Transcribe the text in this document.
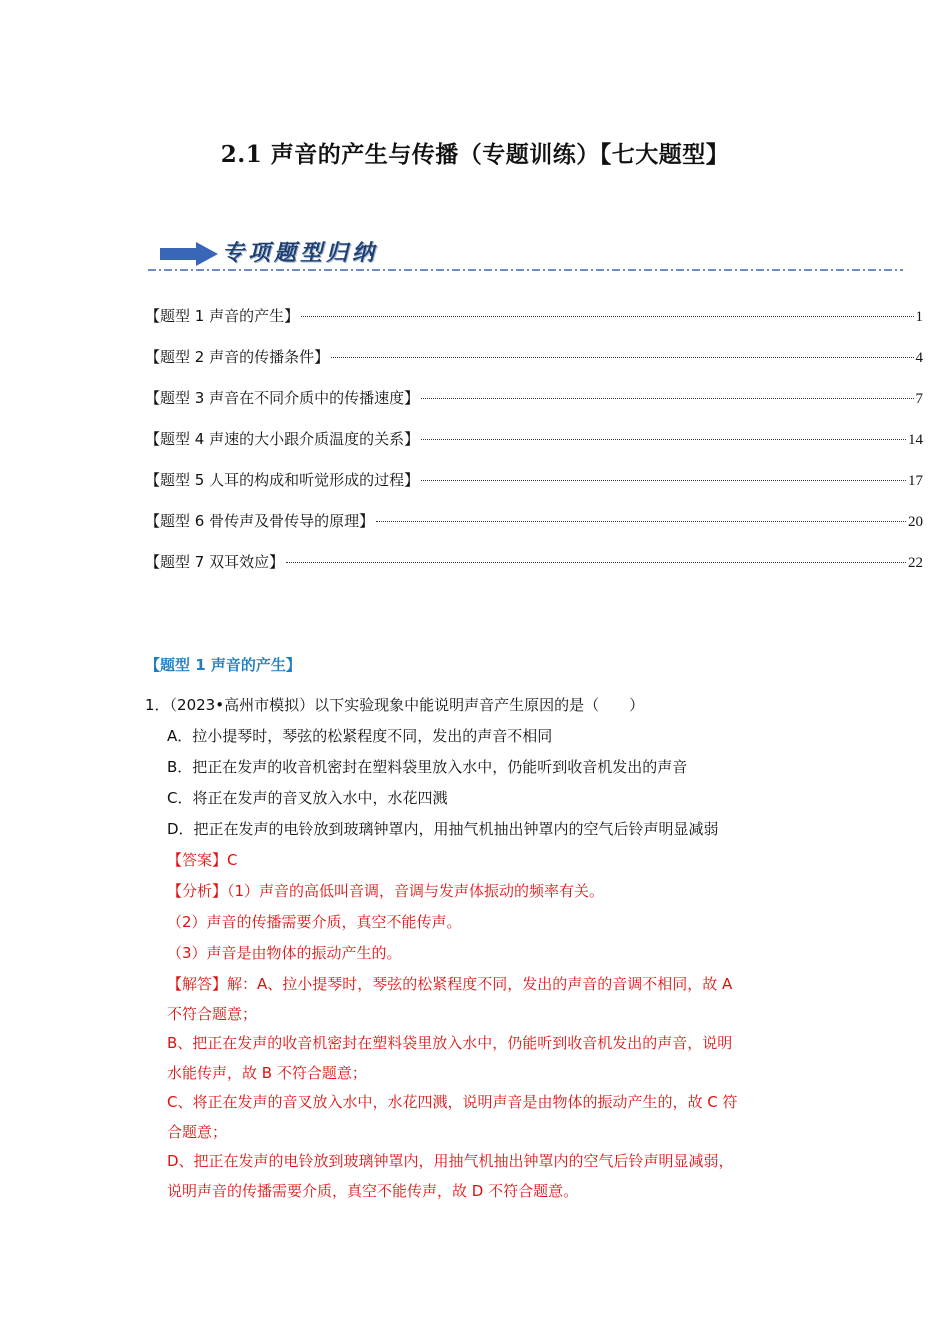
2.1 声音的产生与传播（专题训练）【七大题型】
专项题型归纳
【题型 1 声音的产生】	1
【题型 2 声音的传播条件】	4
【题型 3 声音在不同介质中的传播速度】	7
【题型 4 声速的大小跟介质温度的关系】	14
【题型 5 人耳的构成和听觉形成的过程】	17
【题型 6 骨传声及骨传导的原理】	20
【题型 7 双耳效应】	22
【题型 1 声音的产生】
1．（2023•高州市模拟）以下实验现象中能说明声音产生原因的是（　　）
A．拉小提琴时，琴弦的松紧程度不同，发出的声音不相同
B．把正在发声的收音机密封在塑料袋里放入水中，仍能听到收音机发出的声音
C．将正在发声的音叉放入水中，水花四溅
D．把正在发声的电铃放到玻璃钟罩内，用抽气机抽出钟罩内的空气后铃声明显减弱
【答案】C
【分析】（1）声音的高低叫音调，音调与发声体振动的频率有关。
（2）声音的传播需要介质，真空不能传声。
（3）声音是由物体的振动产生的。
【解答】解：A、拉小提琴时，琴弦的松紧程度不同，发出的声音的音调不相同，故 A
不符合题意；
B、把正在发声的收音机密封在塑料袋里放入水中，仍能听到收音机发出的声音，说明
水能传声，故 B 不符合题意；
C、将正在发声的音叉放入水中，水花四溅，说明声音是由物体的振动产生的，故 C 符
合题意；
D、把正在发声的电铃放到玻璃钟罩内，用抽气机抽出钟罩内的空气后铃声明显减弱，
说明声音的传播需要介质，真空不能传声，故 D 不符合题意。
